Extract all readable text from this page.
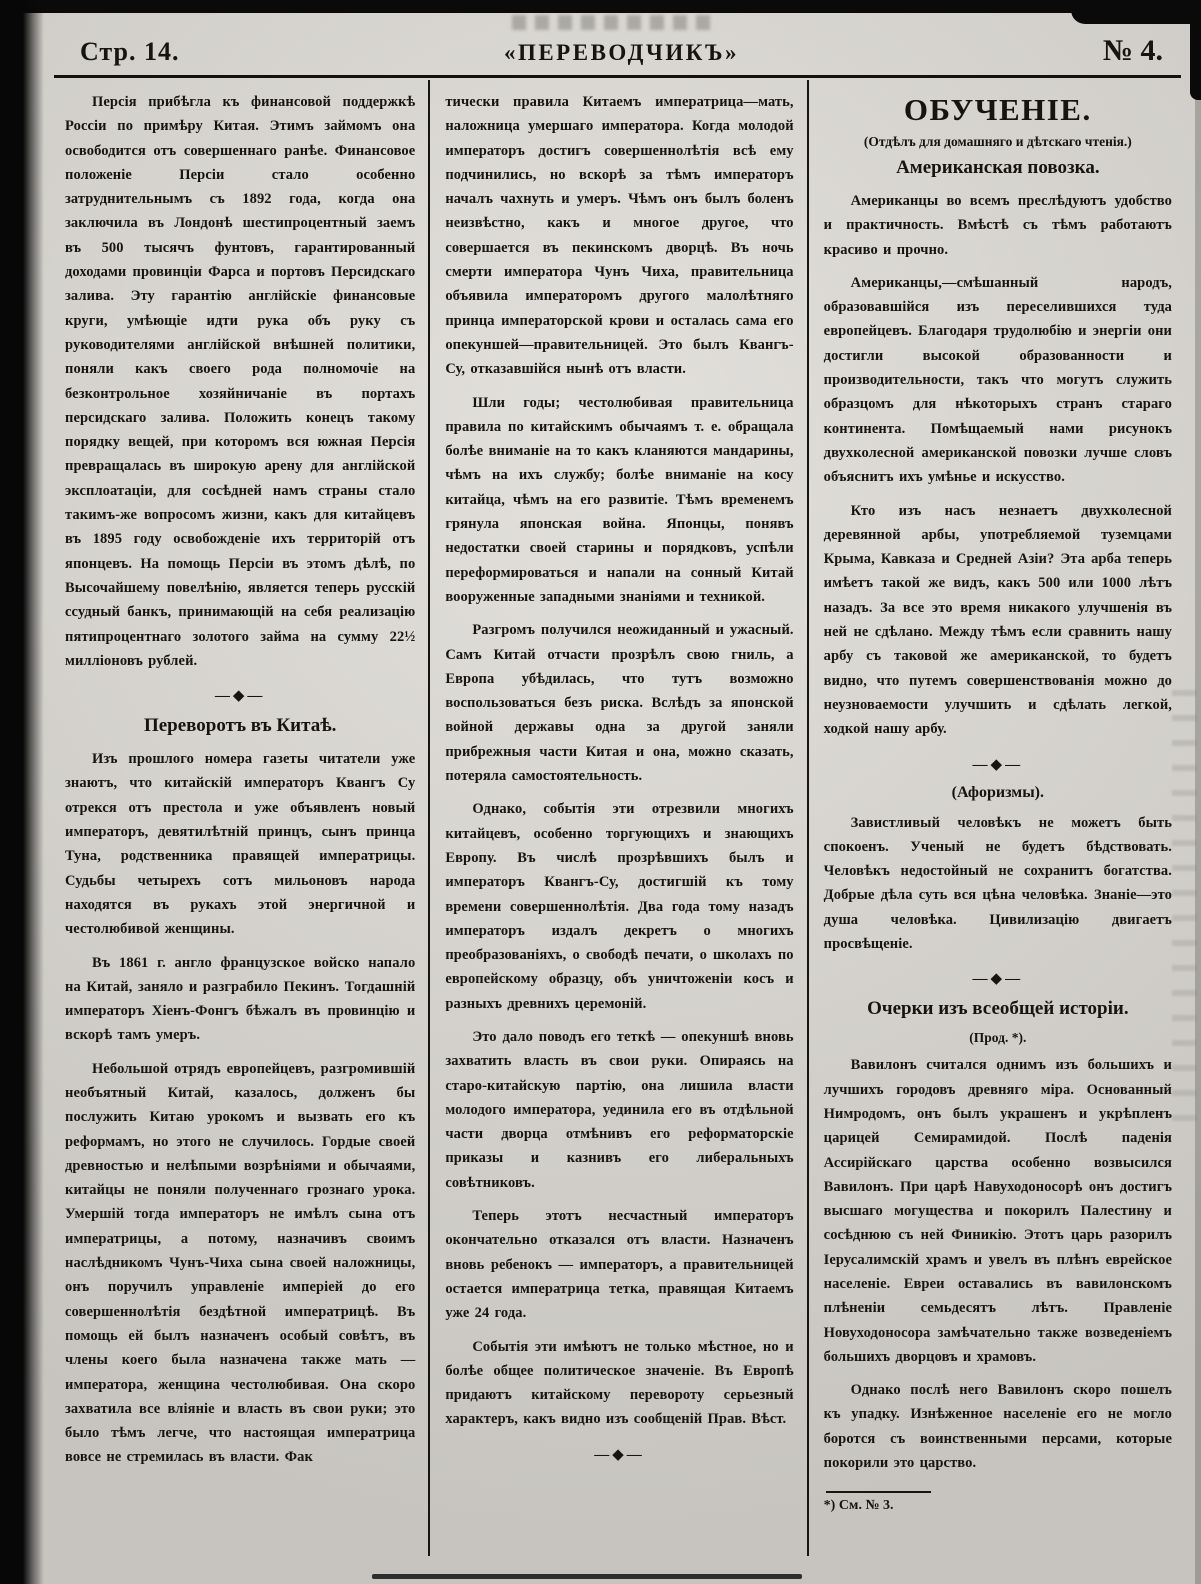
Стр. 14.	«ПЕРЕВОДЧИКЪ»	№ 4.

Персія прибѣгла къ финансовой поддержкѣ Россіи по примѣру Китая. Этимъ займомъ она освободится отъ совершеннаго ранѣе. Финансовое положеніе Персіи стало особенно затруднительнымъ съ 1892 года, когда она заключила въ Лондонѣ шестипроцентный заемъ въ 500 тысячъ фунтовъ, гарантированный доходами провинціи Фарса и портовъ Персидскаго залива. Эту гарантію англійскіе финансовые круги, умѣющіе идти рука объ руку съ руководителями англійской внѣшней политики, поняли какъ своего рода полномочіе на безконтрольное хозяйничаніе въ портахъ персидскаго залива. Положить конецъ такому порядку вещей, при которомъ вся южная Персія превращалась въ широкую арену для англійской эксплоатаціи, для сосѣдней намъ страны стало такимъ-же вопросомъ жизни, какъ для китайцевъ въ 1895 году освобожденіе ихъ территорій отъ японцевъ. На помощь Персіи въ этомъ дѣлѣ, по Высочайшему повелѣнію, является теперь русскій ссудный банкъ, принимающій на себя реализацію пятипроцентнаго золотого займа на сумму 22½ милліоновъ рублей.

—◆—
Переворотъ въ Китаѣ.

Изъ прошлого номера газеты читатели уже знаютъ, что китайскій императоръ Квангъ Су отрекся отъ престола и уже объявленъ новый императоръ, девятилѣтній принцъ, сынъ принца Туна, родственника правящей императрицы. Судьбы четырехъ сотъ мильоновъ народа находятся въ рукахъ этой энергичной и честолюбивой женщины.

Въ 1861 г. англо французское войско напало на Китай, заняло и разграбило Пекинъ. Тогдашній императоръ Хіенъ-Фонгъ бѣжалъ въ провинцію и вскорѣ тамъ умеръ.

Небольшой отрядъ европейцевъ, разгромившій необъятный Китай, казалось, долженъ бы послужить Китаю урокомъ и вызвать его къ реформамъ, но этого не случилось. Гордые своей древностью и нелѣпыми возрѣніями и обычаями, китайцы не поняли полученнаго грознаго урока. Умершій тогда императоръ не имѣлъ сына отъ императрицы, а потому, назначивъ своимъ наслѣдникомъ Чунъ-Чиха сына своей наложницы, онъ поручилъ управленіе имперіей до его совершеннолѣтія бездѣтной императрицѣ. Въ помощь ей былъ назначенъ особый совѣтъ, въ члены коего была назначена также мать — императора, женщина честолюбивая. Она скоро захватила все вліяніе и власть въ свои руки; это было тѣмъ легче, что настоящая императрица вовсе не стремилась въ власти. Фак

тически правила Китаемъ императрица—мать, наложница умершаго императора. Когда молодой императоръ достигъ совершеннолѣтія всѣ ему подчинились, но вскорѣ за тѣмъ императоръ началъ чахнуть и умеръ. Чѣмъ онъ былъ боленъ неизвѣстно, какъ и многое другое, что совершается въ пекинскомъ дворцѣ. Въ ночь смерти императора Чунъ Чиха, правительница объявила императоромъ другого малолѣтняго принца императорской крови и осталась сама его опекуншей—правительницей. Это былъ Квангъ-Су, отказавшійся нынѣ отъ власти.

Шли годы; честолюбивая правительница правила по китайскимъ обычаямъ т. е. обращала болѣе вниманіе на то какъ кланяются мандарины, чѣмъ на ихъ службу; болѣе вниманіе на косу китайца, чѣмъ на его развитіе. Тѣмъ временемъ грянула японская война. Японцы, понявъ недостатки своей старины и порядковъ, успѣли переформироваться и напали на сонный Китай вооруженные западными знаніями и техникой.

Разгромъ получился неожиданный и ужасный. Самъ Китай отчасти прозрѣлъ свою гниль, а Европа убѣдилась, что тутъ возможно воспользоваться безъ риска. Вслѣдъ за японской войной державы одна за другой заняли прибрежныя части Китая и она, можно сказать, потеряла самостоятельность.

Однако, событія эти отрезвили многихъ китайцевъ, особенно торгующихъ и знающихъ Европу. Въ числѣ прозрѣвшихъ былъ и императоръ Квангъ-Су, достигшій къ тому времени совершеннолѣтія. Два года тому назадъ императоръ издалъ декретъ о многихъ преобразованіяхъ, о свободѣ печати, о школахъ по европейскому образцу, объ уничтоженіи косъ и разныхъ древнихъ церемоній.

Это дало поводъ его теткѣ — опекуншѣ вновь захватить власть въ свои руки. Опираясь на старо-китайскую партію, она лишила власти молодого императора, уединила его въ отдѣльной части дворца отмѣнивъ его реформаторскіе приказы и казнивъ его либеральныхъ совѣтниковъ.

Теперь этотъ несчастный императоръ окончательно отказался отъ власти. Назначенъ вновь ребенокъ — императоръ, а правительницей остается императрица тетка, правящая Китаемъ уже 24 года.

Событія эти имѣютъ не только мѣстное, но и болѣе общее политическое значеніе. Въ Европѣ придаютъ китайскому перевороту серьезный характеръ, какъ видно изъ сообщеній Прав. Вѣст.

—◆—
ОБУЧЕНІЕ.
(Отдѣлъ для домашняго и дѣтскаго чтенія.)
Американская повозка.

Американцы во всемъ преслѣдуютъ удобство и практичность. Вмѣстѣ съ тѣмъ работаютъ красиво и прочно.

Американцы,—смѣшанный народъ, образовавшійся изъ переселившихся туда европейцевъ. Благодаря трудолюбію и энергіи они достигли высокой образованности и производительности, такъ что могутъ служить образцомъ для нѣкоторыхъ странъ стараго континента. Помѣщаемый нами рисунокъ двухколесной американской повозки лучше словъ объяснитъ ихъ умѣнье и искусство.

Кто изъ насъ незнаетъ двухколесной деревянной арбы, употребляемой туземцами Крыма, Кавказа и Средней Азіи? Эта арба теперь имѣетъ такой же видъ, какъ 500 или 1000 лѣтъ назадъ. За все это время никакого улучшенія въ ней не сдѣлано. Между тѣмъ если сравнить нашу арбу съ таковой же американской, то будетъ видно, что путемъ совершенствованія можно до неузноваемости улучшить и сдѣлать легкой, ходкой нашу арбу.

—◆—
(Афоризмы).

Завистливый человѣкъ не можетъ быть спокоенъ. Ученый не будетъ бѣдствовать. Человѣкъ недостойный не сохранитъ богатства. Добрые дѣла суть вся цѣна человѣка. Знаніе—это душа человѣка. Цивилизацію двигаетъ просвѣщеніе.

—◆—
Очерки изъ всеобщей исторіи.
(Прод. *).

Вавилонъ считался однимъ изъ большихъ и лучшихъ городовъ древняго міра. Основанный Нимродомъ, онъ былъ украшенъ и укрѣпленъ царицей Семирамидой. Послѣ паденія Ассирійскаго царства особенно возвысился Вавилонъ. При царѣ Навуходоносорѣ онъ достигъ высшаго могущества и покорилъ Палестину и сосѣднюю съ ней Финикію. Этотъ царь разорилъ Іерусалимскій храмъ и увелъ въ плѣнъ еврейское населеніе. Евреи оставались въ вавилонскомъ плѣненіи семьдесятъ лѣтъ. Правленіе Новуходоносора замѣчательно также возведеніемъ большихъ дворцовъ и храмовъ.

Однако послѣ него Вавилонъ скоро пошелъ къ упадку. Изнѣженное населеніе его не могло боротся съ воинственными персами, которые покорили это царство.

*) См. № 3.
